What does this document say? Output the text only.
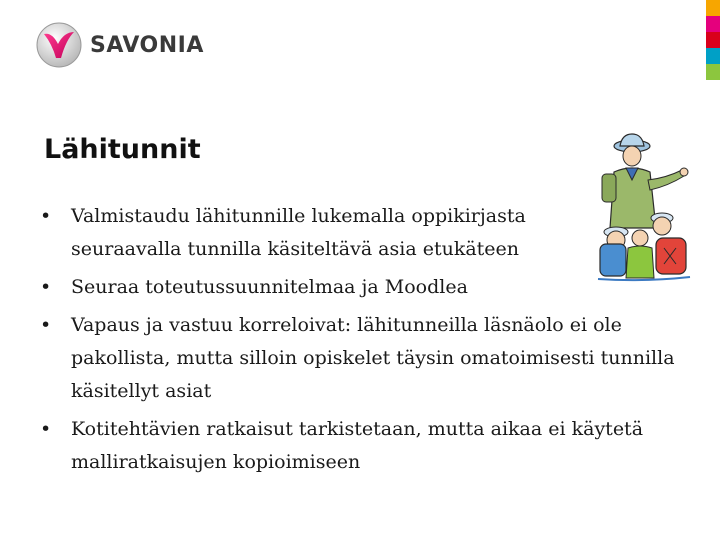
SAVONIA
Lähitunnit
• Valmistaudu lähitunnille lukemalla oppikirjasta seuraavalla tunnilla käsiteltävä asia etukäteen
• Seuraa toteutussuunnitelmaa ja Moodlea
• Vapaus ja vastuu korreloivat: lähitunneilla läsnäolo ei ole pakollista, mutta silloin opiskelet täysin omatoimisesti tunnilla käsitellyt asiat
• Kotitehtävien ratkaisut tarkistetaan, mutta aikaa ei käytetä malliratkaisujen kopioimiseen
